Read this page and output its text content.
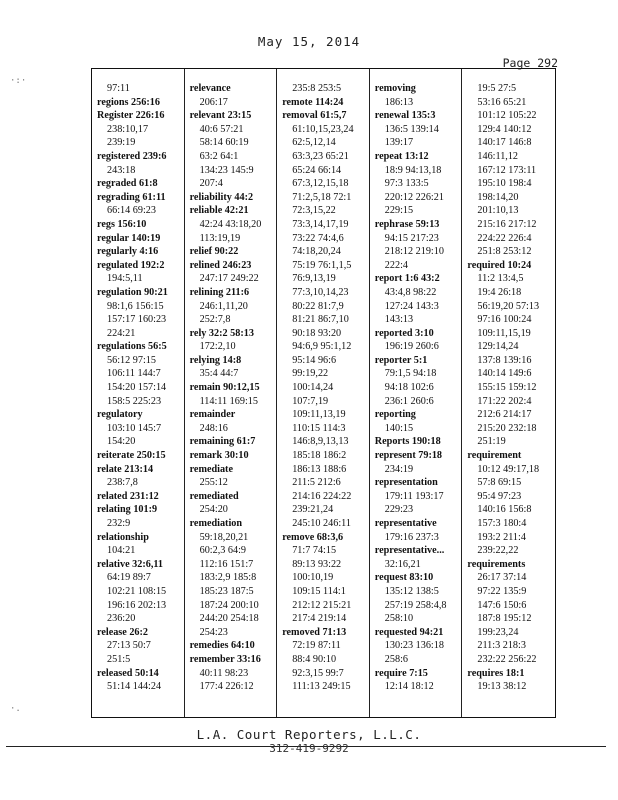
May 15, 2014
Page 292
·:·
·.
97:11
regions 256:16
Register 226:16
238:10,17
239:19
registered 239:6
243:18
regraded 61:8
regrading 61:11
66:14 69:23
regs 156:10
regular 140:19
regularly 4:16
regulated 192:2
194:5,11
regulation 90:21
98:1,6 156:15
157:17 160:23
224:21
regulations 56:5
56:12 97:15
106:11 144:7
154:20 157:14
158:5 225:23
regulatory
103:10 145:7
154:20
reiterate 250:15
relate 213:14
238:7,8
related 231:12
relating 101:9
232:9
relationship
104:21
relative 32:6,11
64:19 89:7
102:21 108:15
196:16 202:13
236:20
release 26:2
27:13 50:7
251:5
released 50:14
51:14 144:24
relevance
206:17
relevant 23:15
40:6 57:21
58:14 60:19
63:2 64:1
134:23 145:9
207:4
reliability 44:2
reliable 42:21
42:24 43:18,20
113:19,19
relief 90:22
relined 246:23
247:17 249:22
relining 211:6
246:1,11,20
252:7,8
rely 32:2 58:13
172:2,10
relying 14:8
35:4 44:7
remain 90:12,15
114:11 169:15
remainder
248:16
remaining 61:7
remark 30:10
remediate
255:12
remediated
254:20
remediation
59:18,20,21
60:2,3 64:9
112:16 151:7
183:2,9 185:8
185:23 187:5
187:24 200:10
244:20 254:18
254:23
remedies 64:10
remember 33:16
40:11 98:23
177:4 226:12
235:8 253:5
remote 114:24
removal 61:5,7
61:10,15,23,24
62:5,12,14
63:3,23 65:21
65:24 66:14
67:3,12,15,18
71:2,5,18 72:1
72:3,15,22
73:3,14,17,19
73:22 74:4,6
74:18,20,24
75:19 76:1,1,5
76:9,13,19
77:3,10,14,23
80:22 81:7,9
81:21 86:7,10
90:18 93:20
94:6,9 95:1,12
95:14 96:6
99:19,22
100:14,24
107:7,19
109:11,13,19
110:15 114:3
146:8,9,13,13
185:18 186:2
186:13 188:6
211:5 212:6
214:16 224:22
239:21,24
245:10 246:11
remove 68:3,6
71:7 74:15
89:13 93:22
100:10,19
109:15 114:1
212:12 215:21
217:4 219:14
removed 71:13
72:19 87:11
88:4 90:10
92:3,15 99:7
111:13 249:15
removing
186:13
renewal 135:3
136:5 139:14
139:17
repeat 13:12
18:9 94:13,18
97:3 133:5
220:12 226:21
229:15
rephrase 59:13
94:15 217:23
218:12 219:10
222:4
report 1:6 43:2
43:4,8 98:22
127:24 143:3
143:13
reported 3:10
196:19 260:6
reporter 5:1
79:1,5 94:18
94:18 102:6
236:1 260:6
reporting
140:15
Reports 190:18
represent 79:18
234:19
representation
179:11 193:17
229:23
representative
179:16 237:3
representative...
32:16,21
request 83:10
135:12 138:5
257:19 258:4,8
258:10
requested 94:21
130:23 136:18
258:6
require 7:15
12:14 18:12
19:5 27:5
53:16 65:21
101:12 105:22
129:4 140:12
140:17 146:8
146:11,12
167:12 173:11
195:10 198:4
198:14,20
201:10,13
215:16 217:12
224:22 226:4
251:8 253:12
required 10:24
11:2 13:4,5
19:4 26:18
56:19,20 57:13
97:16 100:24
109:11,15,19
129:14,24
137:8 139:16
140:14 149:6
155:15 159:12
171:22 202:4
212:6 214:17
215:20 232:18
251:19
requirement
10:12 49:17,18
57:8 69:15
95:4 97:23
140:16 156:8
157:3 180:4
193:2 211:4
239:22,22
requirements
26:17 37:14
97:22 135:9
147:6 150:6
187:8 195:12
199:23,24
211:3 218:3
232:22 256:22
requires 18:1
19:13 38:12
L.A. Court Reporters, L.L.C.
312-419-9292
